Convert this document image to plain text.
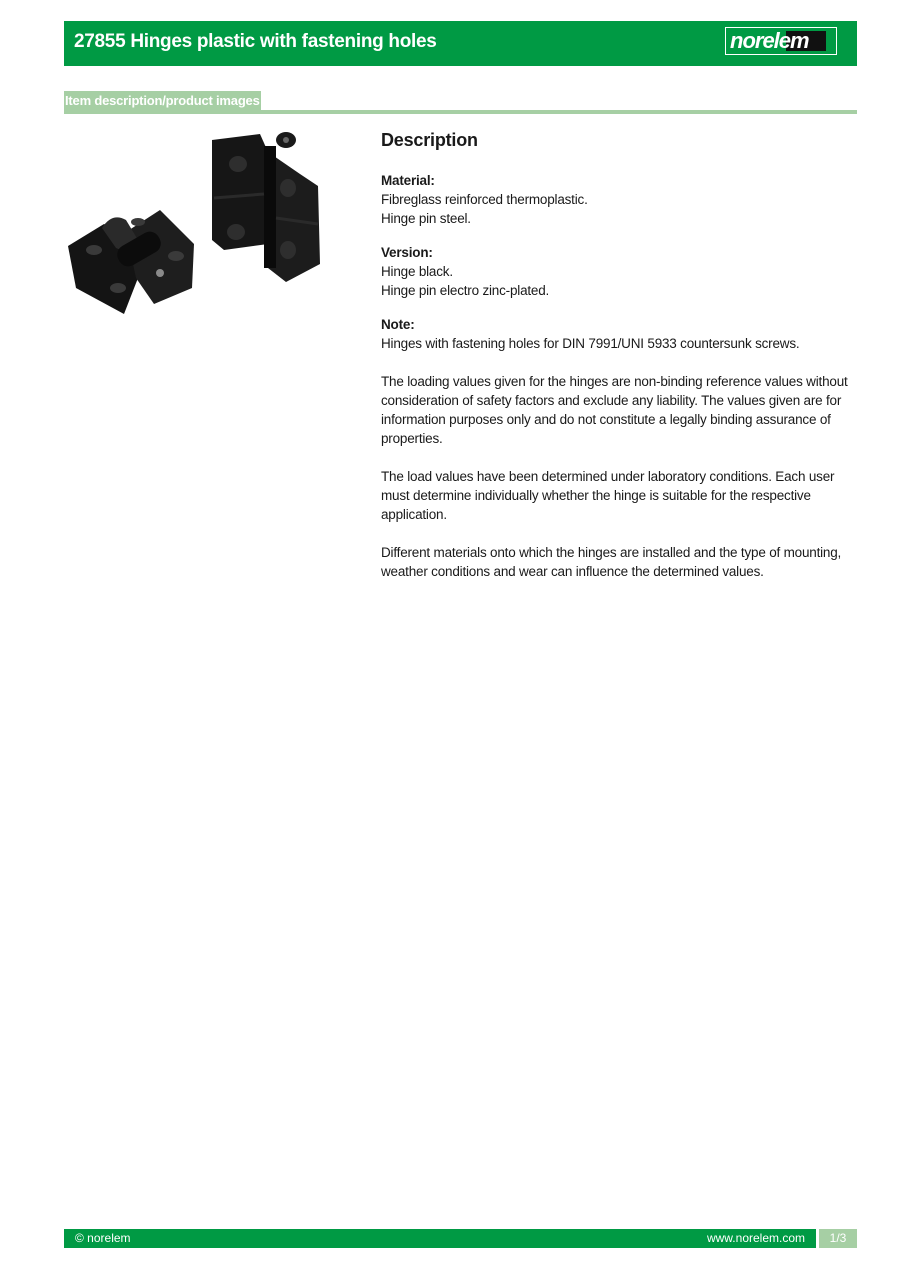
27855 Hinges plastic with fastening holes	norelem
Item description/product images
Description
Material:
Fibreglass reinforced thermoplastic.
Hinge pin steel.
Version:
Hinge black.
Hinge pin electro zinc-plated.
Note:
Hinges with fastening holes for DIN 7991/UNI 5933 countersunk screws.

The loading values given for the hinges are non-binding reference values without consideration of safety factors and exclude any liability. The values given are for information purposes only and do not constitute a legally binding assurance of properties.

The load values have been determined under laboratory conditions. Each user must determine individually whether the hinge is suitable for the respective application.

Different materials onto which the hinges are installed and the type of mounting, weather conditions and wear can influence the determined values.

© norelem	www.norelem.com	1/3
